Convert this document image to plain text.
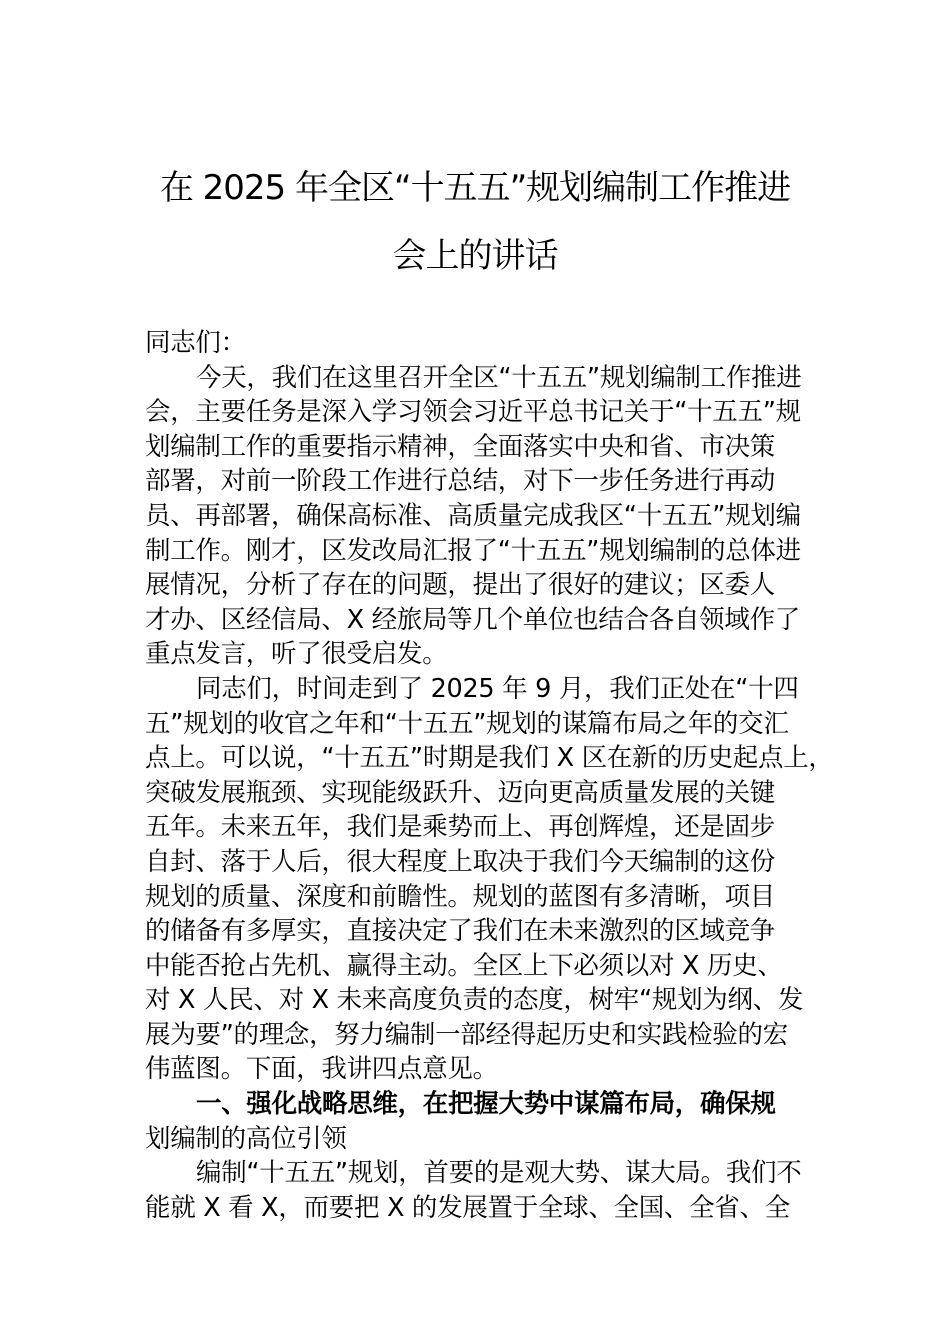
在 2025 年全区“十五五”规划编制工作推进
会上的讲话
同志们：
今天，我们在这里召开全区“十五五”规划编制工作推进
会，主要任务是深入学习领会习近平总书记关于“十五五”规
划编制工作的重要指示精神，全面落实中央和省、市决策
部署，对前一阶段工作进行总结，对下一步任务进行再动
员、再部署，确保高标准、高质量完成我区“十五五”规划编
制工作。刚才，区发改局汇报了“十五五”规划编制的总体进
展情况，分析了存在的问题，提出了很好的建议；区委人
才办、区经信局、X 经旅局等几个单位也结合各自领域作了
重点发言，听了很受启发。
同志们，时间走到了 2025 年 9 月，我们正处在“十四
五”规划的收官之年和“十五五”规划的谋篇布局之年的交汇
点上。可以说，“十五五”时期是我们 X 区在新的历史起点上，
突破发展瓶颈、实现能级跃升、迈向更高质量发展的关键
五年。未来五年，我们是乘势而上、再创辉煌，还是固步
自封、落于人后，很大程度上取决于我们今天编制的这份
规划的质量、深度和前瞻性。规划的蓝图有多清晰，项目
的储备有多厚实，直接决定了我们在未来激烈的区域竞争
中能否抢占先机、赢得主动。全区上下必须以对 X 历史、
对 X 人民、对 X 未来高度负责的态度，树牢“规划为纲、发
展为要”的理念，努力编制一部经得起历史和实践检验的宏
伟蓝图。下面，我讲四点意见。
一、强化战略思维，在把握大势中谋篇布局，确保规
划编制的高位引领
编制“十五五”规划，首要的是观大势、谋大局。我们不
能就 X 看 X，而要把 X 的发展置于全球、全国、全省、全
